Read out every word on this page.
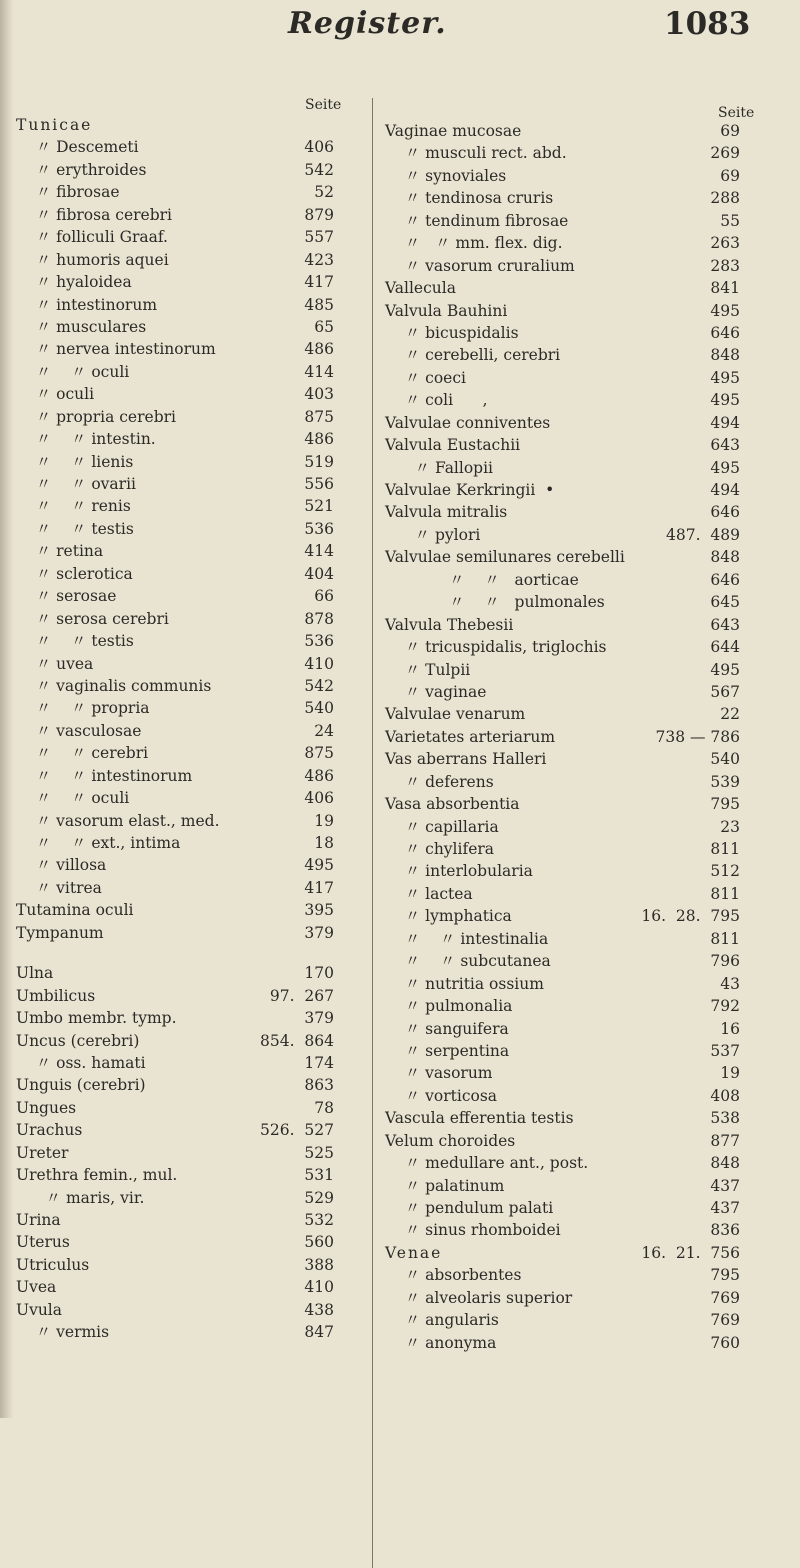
Register.	1083
Seite
Tunicae
〃 Descemeti	406
〃 erythroides	542
〃 fibrosae	52
〃 fibrosa cerebri	879
〃 folliculi Graaf.	557
〃 humoris aquei	423
〃 hyaloidea	417
〃 intestinorum	485
〃 musculares	65
〃 nervea intestinorum	486
〃    〃 oculi	414
〃 oculi	403
〃 propria cerebri	875
〃    〃 intestin.	486
〃    〃 lienis	519
〃    〃 ovarii	556
〃    〃 renis	521
〃    〃 testis	536
〃 retina	414
〃 sclerotica	404
〃 serosae	66
〃 serosa cerebri	878
〃    〃 testis	536
〃 uvea	410
〃 vaginalis communis	542
〃    〃 propria	540
〃 vasculosae	24
〃    〃 cerebri	875
〃    〃 intestinorum	486
〃    〃 oculi	406
〃 vasorum elast., med.	19
〃    〃 ext., intima	18
〃 villosa	495
〃 vitrea	417
Tutamina oculi	395
Tympanum	379
Ulna	170
Umbilicus	97.  267
Umbo membr. tymp.	379
Uncus (cerebri)	854.  864
〃 oss. hamati	174
Unguis (cerebri)	863
Ungues	78
Urachus	526.  527
Ureter	525
Urethra femin., mul.	531
〃 maris, vir.	529
Urina	532
Uterus	560
Utriculus	388
Uvea	410
Uvula	438
〃 vermis	847
Seite
Vaginae mucosae	69
〃 musculi rect. abd.	269
〃 synoviales	69
〃 tendinosa cruris	288
〃 tendinum fibrosae	55
〃   〃 mm. flex. dig.	263
〃 vasorum cruralium	283
Vallecula	841
Valvula Bauhini	495
〃 bicuspidalis	646
〃 cerebelli, cerebri	848
〃 coeci	495
〃 coli      ,	495
Valvulae conniventes	494
Valvula Eustachii	643
〃 Fallopii	495
Valvulae Kerkringii  •	494
Valvula mitralis	646
〃 pylori	487.  489
Valvulae semilunares cerebelli	848
〃    〃   aorticae	646
〃    〃   pulmonales	645
Valvula Thebesii	643
〃 tricuspidalis, triglochis	644
〃 Tulpii	495
〃 vaginae	567
Valvulae venarum	22
Varietates arteriarum	738 — 786
Vas aberrans Halleri	540
〃 deferens	539
Vasa absorbentia	795
〃 capillaria	23
〃 chylifera	811
〃 interlobularia	512
〃 lactea	811
〃 lymphatica	16.  28.  795
〃    〃 intestinalia	811
〃    〃 subcutanea	796
〃 nutritia ossium	43
〃 pulmonalia	792
〃 sanguifera	16
〃 serpentina	537
〃 vasorum	19
〃 vorticosa	408
Vascula efferentia testis	538
Velum choroides	877
〃 medullare ant., post.	848
〃 palatinum	437
〃 pendulum palati	437
〃 sinus rhomboidei	836
Venae	16.  21.  756
〃 absorbentes	795
〃 alveolaris superior	769
〃 angularis	769
〃 anonyma	760
